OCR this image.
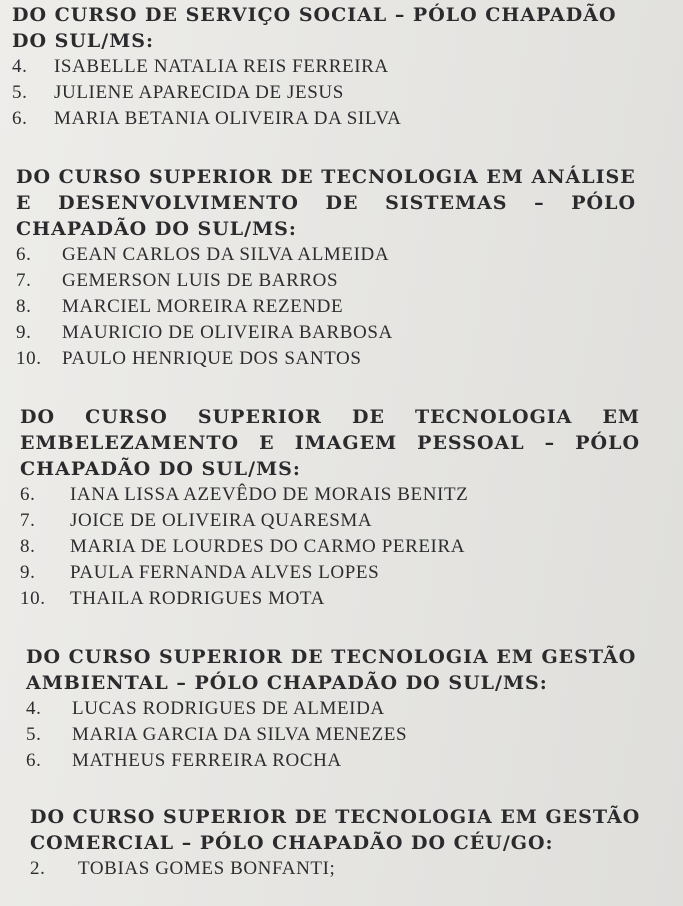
DO CURSO DE SERVIÇO SOCIAL – PÓLO CHAPADÃO
DO SUL/MS:
4. ISABELLE NATALIA REIS FERREIRA
5. JULIENE APARECIDA DE JESUS
6. MARIA BETANIA OLIVEIRA DA SILVA
DO CURSO SUPERIOR DE TECNOLOGIA EM ANÁLISE
E DESENVOLVIMENTO DE SISTEMAS – PÓLO
CHAPADÃO DO SUL/MS:
6. GEAN CARLOS DA SILVA ALMEIDA
7. GEMERSON LUIS DE BARROS
8. MARCIEL MOREIRA REZENDE
9. MAURICIO DE OLIVEIRA BARBOSA
10. PAULO HENRIQUE DOS SANTOS
DO CURSO SUPERIOR DE TECNOLOGIA EM
EMBELEZAMENTO E IMAGEM PESSOAL – PÓLO
CHAPADÃO DO SUL/MS:
6. IANA LISSA AZEVÊDO DE MORAIS BENITZ
7. JOICE DE OLIVEIRA QUARESMA
8. MARIA DE LOURDES DO CARMO PEREIRA
9. PAULA FERNANDA ALVES LOPES
10. THAILA RODRIGUES MOTA
DO CURSO SUPERIOR DE TECNOLOGIA EM GESTÃO
AMBIENTAL – PÓLO CHAPADÃO DO SUL/MS:
4. LUCAS RODRIGUES DE ALMEIDA
5. MARIA GARCIA DA SILVA MENEZES
6. MATHEUS FERREIRA ROCHA
DO CURSO SUPERIOR DE TECNOLOGIA EM GESTÃO
COMERCIAL – PÓLO CHAPADÃO DO CÉU/GO:
2. TOBIAS GOMES BONFANTI;
